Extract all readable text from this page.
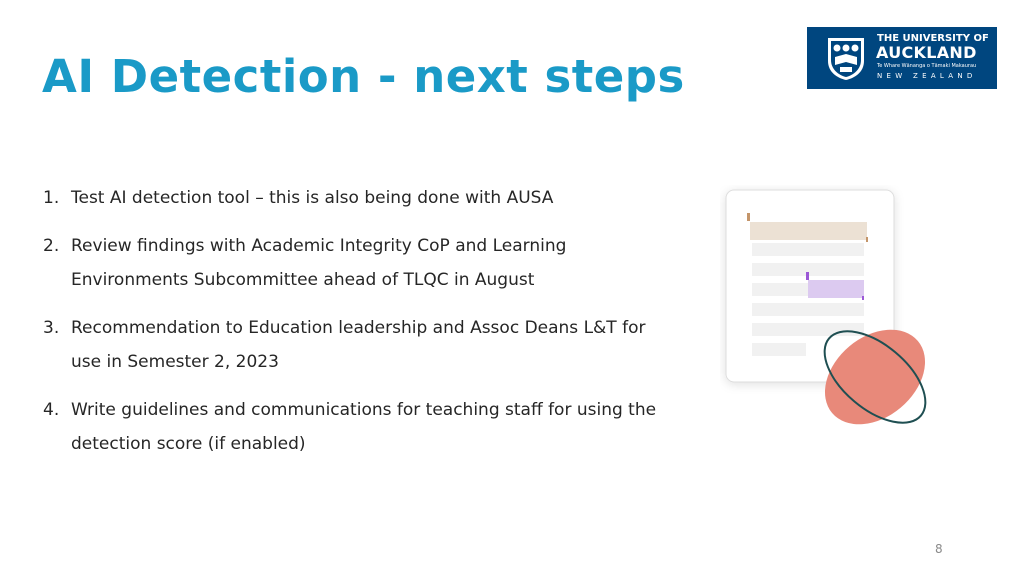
AI Detection - next steps
THE UNIVERSITY OF
AUCKLAND
Te Whare Wānanga o Tāmaki Makaurau
NEW ZEALAND
1. Test AI detection tool – this is also being done with AUSA
2. Review findings with Academic Integrity CoP and Learning Environments Subcommittee ahead of TLQC in August
3. Recommendation to Education leadership and Assoc Deans L&T for use in Semester 2, 2023
4. Write guidelines and communications for teaching staff for using the detection score (if enabled)
8
